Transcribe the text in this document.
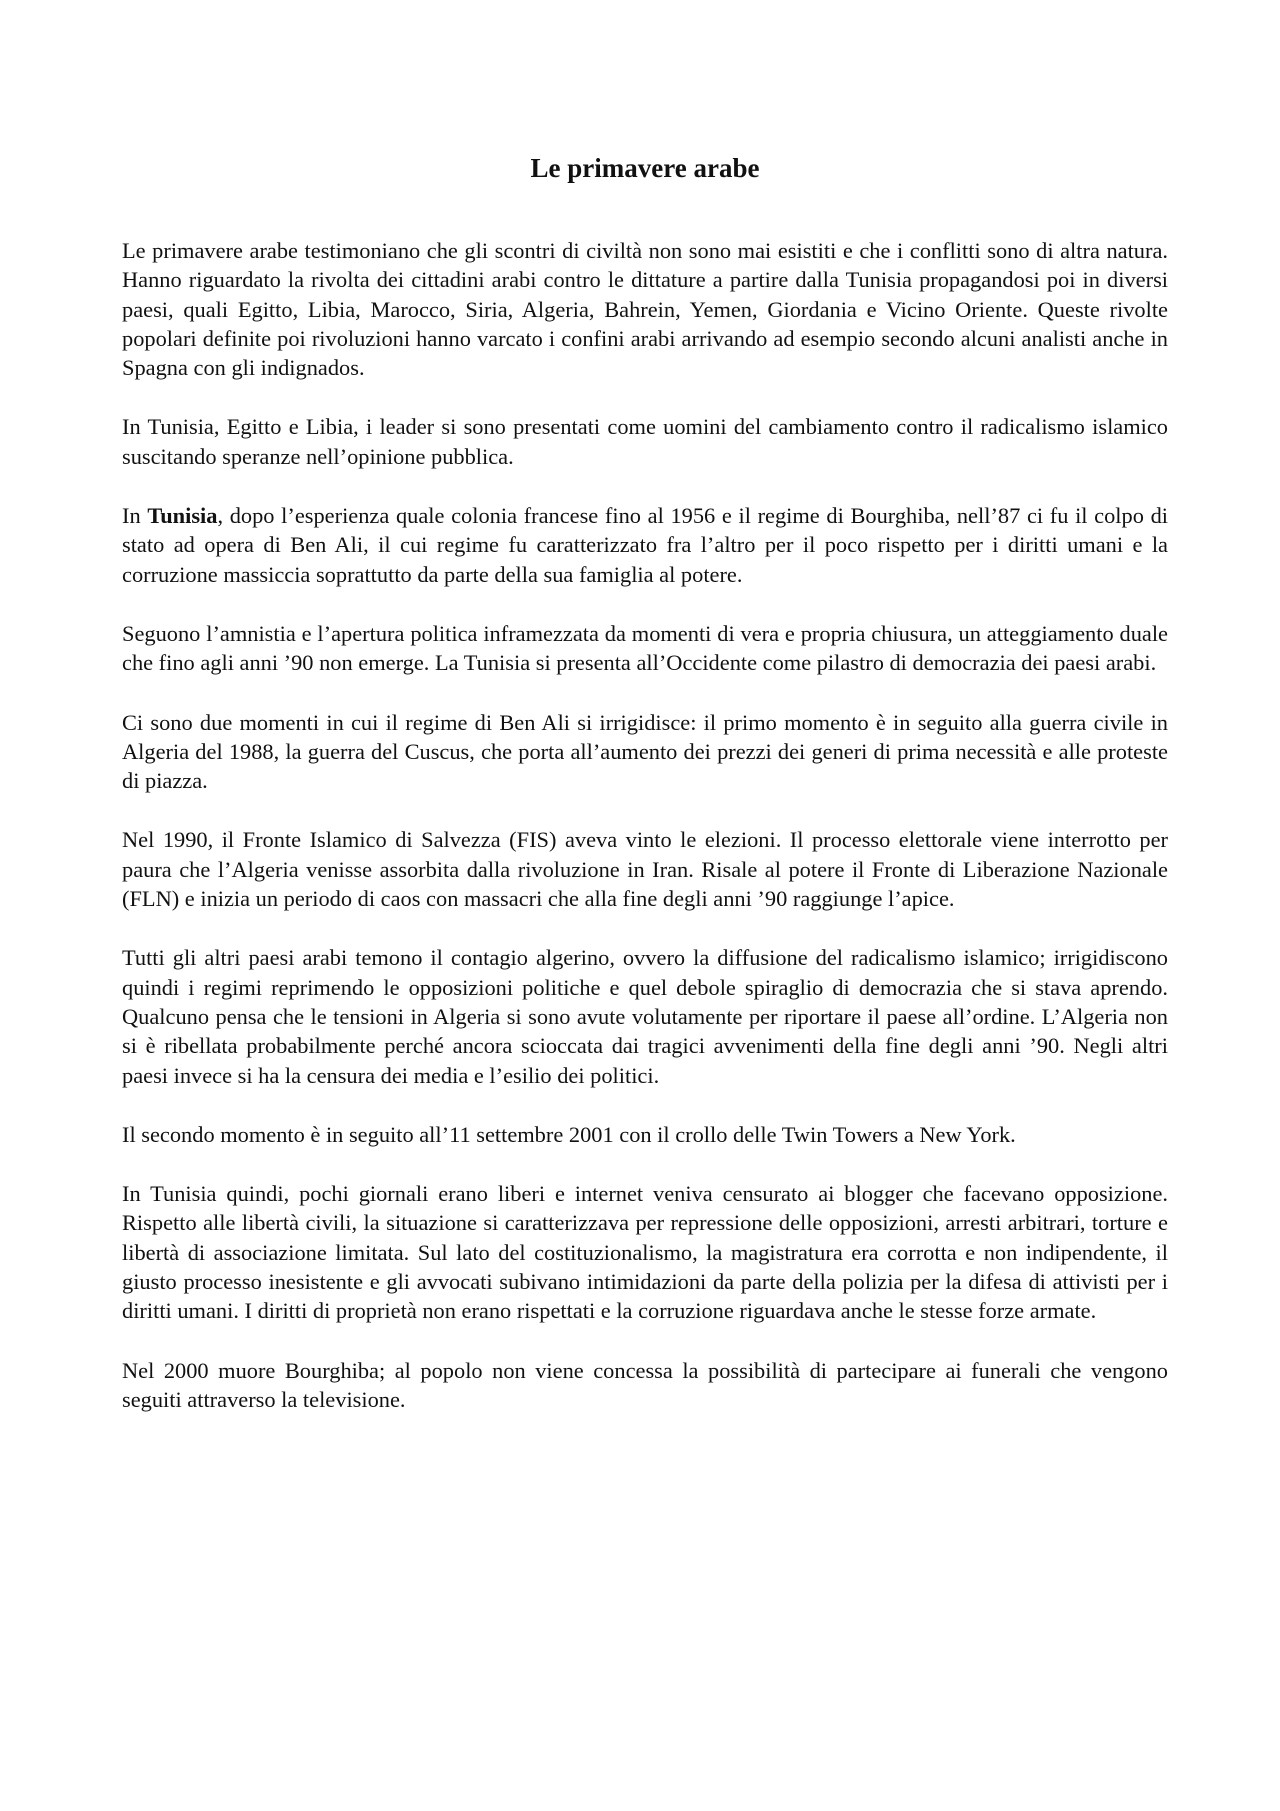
Le primavere arabe

Le primavere arabe testimoniano che gli scontri di civiltà non sono mai esistiti e che i conflitti sono di altra natura. Hanno riguardato la rivolta dei cittadini arabi contro le dittature a partire dalla Tunisia propagandosi poi in diversi paesi, quali Egitto, Libia, Marocco, Siria, Algeria, Bahrein, Yemen, Giordania e Vicino Oriente. Queste rivolte popolari definite poi rivoluzioni hanno varcato i confini arabi arrivando ad esempio secondo alcuni analisti anche in Spagna con gli indignados.

In Tunisia, Egitto e Libia, i leader si sono presentati come uomini del cambiamento contro il radicalismo islamico suscitando speranze nell’opinione pubblica.

In Tunisia, dopo l’esperienza quale colonia francese fino al 1956 e il regime di Bourghiba, nell’87 ci fu il colpo di stato ad opera di Ben Ali, il cui regime fu caratterizzato fra l’altro per il poco rispetto per i diritti umani e la corruzione massiccia soprattutto da parte della sua famiglia al potere.

Seguono l’amnistia e l’apertura politica inframezzata da momenti di vera e propria chiusura, un atteggiamento duale che fino agli anni ’90 non emerge. La Tunisia si presenta all’Occidente come pilastro di democrazia dei paesi arabi.

Ci sono due momenti in cui il regime di Ben Ali si irrigidisce: il primo momento è in seguito alla guerra civile in Algeria del 1988, la guerra del Cuscus, che porta all’aumento dei prezzi dei generi di prima necessità e alle proteste di piazza.

Nel 1990, il Fronte Islamico di Salvezza (FIS) aveva vinto le elezioni. Il processo elettorale viene interrotto per paura che l’Algeria venisse assorbita dalla rivoluzione in Iran. Risale al potere il Fronte di Liberazione Nazionale (FLN) e inizia un periodo di caos con massacri che alla fine degli anni ’90 raggiunge l’apice.

Tutti gli altri paesi arabi temono il contagio algerino, ovvero la diffusione del radicalismo islamico; irrigidiscono quindi i regimi reprimendo le opposizioni politiche e quel debole spiraglio di democrazia che si stava aprendo. Qualcuno pensa che le tensioni in Algeria si sono avute volutamente per riportare il paese all’ordine. L’Algeria non si è ribellata probabilmente perché ancora scioccata dai tragici avvenimenti della fine degli anni ’90. Negli altri paesi invece si ha la censura dei media e l’esilio dei politici.

Il secondo momento è in seguito all’11 settembre 2001 con il crollo delle Twin Towers a New York.

In Tunisia quindi, pochi giornali erano liberi e internet veniva censurato ai blogger che facevano opposizione. Rispetto alle libertà civili, la situazione si caratterizzava per repressione delle opposizioni, arresti arbitrari, torture e libertà di associazione limitata. Sul lato del costituzionalismo, la magistratura era corrotta e non indipendente, il giusto processo inesistente e gli avvocati subivano intimidazioni da parte della polizia per la difesa di attivisti per i diritti umani. I diritti di proprietà non erano rispettati e la corruzione riguardava anche le stesse forze armate.

Nel 2000 muore Bourghiba; al popolo non viene concessa la possibilità di partecipare ai funerali che vengono seguiti attraverso la televisione.
